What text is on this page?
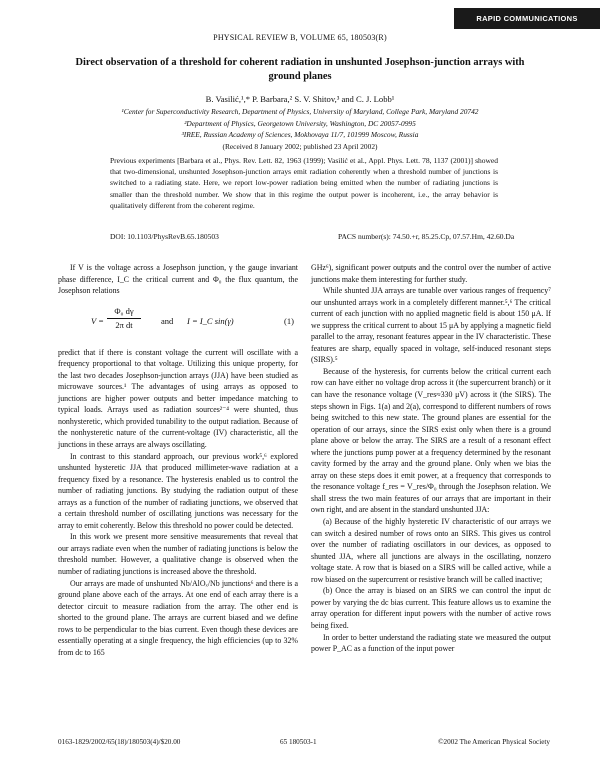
RAPID COMMUNICATIONS
PHYSICAL REVIEW B, VOLUME 65, 180503(R)
Direct observation of a threshold for coherent radiation in unshunted Josephson-junction arrays with ground planes
B. Vasilić,¹,* P. Barbara,² S. V. Shitov,³ and C. J. Lobb¹
¹Center for Superconductivity Research, Department of Physics, University of Maryland, College Park, Maryland 20742
²Department of Physics, Georgetown University, Washington, DC 20057-0995
³IREE, Russian Academy of Sciences, Mokhovaya 11/7, 101999 Moscow, Russia
(Received 8 January 2002; published 23 April 2002)
Previous experiments [Barbara et al., Phys. Rev. Lett. 82, 1963 (1999); Vasilić et al., Appl. Phys. Lett. 78, 1137 (2001)] showed that two-dimensional, unshunted Josephson-junction arrays emit radiation coherently when a threshold number of junctions is switched to a radiating state. Here, we report low-power radiation being emitted when the number of radiating junctions is smaller than the threshold number. We show that in this regime the output power is incoherent, i.e., the array behavior is qualitatively different from the coherent regime.
DOI: 10.1103/PhysRevB.65.180503	PACS number(s): 74.50.+r, 85.25.Cp, 07.57.Hm, 42.60.Da

If V is the voltage across a Josephson junction, γ the gauge invariant phase difference, I_C the critical current and Φ₀ the flux quantum, the Josephson relations

$V = \frac{\text{Φ₀ dγ}}{\text{2π dt}}$ and I = I_C sin(γ)	(1)

predict that if there is constant voltage the current will oscillate with a frequency proportional to that voltage. Utilizing this unique property, for the last two decades Josephson-junction arrays (JJA) have been studied as microwave sources.¹ The advantages of using arrays as opposed to junctions are higher power outputs and better impedance matching to typical loads. Arrays used as radiation sources²⁻⁴ were shunted, thus nonhysteretic, which provided tunability to the output radiation. Because of the nonhysteretic nature of the current-voltage (IV) characteristic, all the junctions in these arrays are always oscillating.

In contrast to this standard approach, our previous work⁵,⁶ explored unshunted hysteretic JJA that produced millimeter-wave radiation at a frequency fixed by a resonance. The hysteresis enabled us to control the number of radiating junctions. By studying the radiation output of these arrays as a function of the number of radiating junctions, we observed that a certain threshold number of oscillating junctions was necessary for the array to emit coherently. Below this threshold no power could be detected.

In this work we present more sensitive measurements that reveal that our arrays radiate even when the number of radiating junctions is below the threshold number. However, a qualitative change is observed when the number of radiating junctions is increased above the threshold.

Our arrays are made of unshunted Nb/AlOₓ/Nb junctions⁶ and there is a ground plane above each of the arrays. At one end of each array there is a detector circuit to measure radiation from the array. The other end is shorted to the ground plane. The arrays are current biased and we define rows to be perpendicular to the bias current. Even though these devices are essentially operating at a single frequency, the high efficiencies (up to 32% from dc to 165

GHz⁶), significant power outputs and the control over the number of active junctions make them interesting for further study.

While shunted JJA arrays are tunable over various ranges of frequency⁷ our unshunted arrays work in a completely different manner.⁵,⁶ The critical current of each junction with no applied magnetic field is about 150 μA. If we suppress the critical current to about 15 μA by applying a magnetic field parallel to the array, resonant features appear in the IV characteristic. These features are sharp, equally spaced in voltage, self-induced resonant steps (SIRS).⁵

Because of the hysteresis, for currents below the critical current each row can have either no voltage drop across it (the supercurrent branch) or it can have the resonance voltage (V_res≈330 μV) across it (the SIRS). The steps shown in Figs. 1(a) and 2(a), correspond to different numbers of rows being switched to this new state. The ground planes are essential for the operation of our arrays, since the SIRS exist only when there is a ground plane above or below the array. The SIRS are a result of a resonant effect where the junctions pump power at a frequency determined by the resonant cavity formed by the array and the ground plane. Only when we bias the array on these steps does it emit power, at a frequency that corresponds to the resonance voltage f_res = V_res/Φ₀ through the Josephson relation. We shall stress the two main features of our arrays that are important in their own right, and are absent in the standard unshunted JJA:

(a) Because of the highly hysteretic IV characteristic of our arrays we can switch a desired number of rows onto an SIRS. This gives us control over the number of radiating oscillators in our devices, as opposed to shunted JJA, where all junctions are always in the oscillating, nonzero voltage state. A row that is biased on a SIRS will be called active, while a row biased on the supercurrent or resistive branch will be called inactive;

(b) Once the array is biased on an SIRS we can control the input dc power by varying the dc bias current. This feature allows us to examine the array operation for different input powers with the number of active rows being fixed.

In order to better understand the radiating state we measured the output power P_AC as a function of the input power

0163-1829/2002/65(18)/180503(4)/$20.00	65 180503-1	©2002 The American Physical Society
